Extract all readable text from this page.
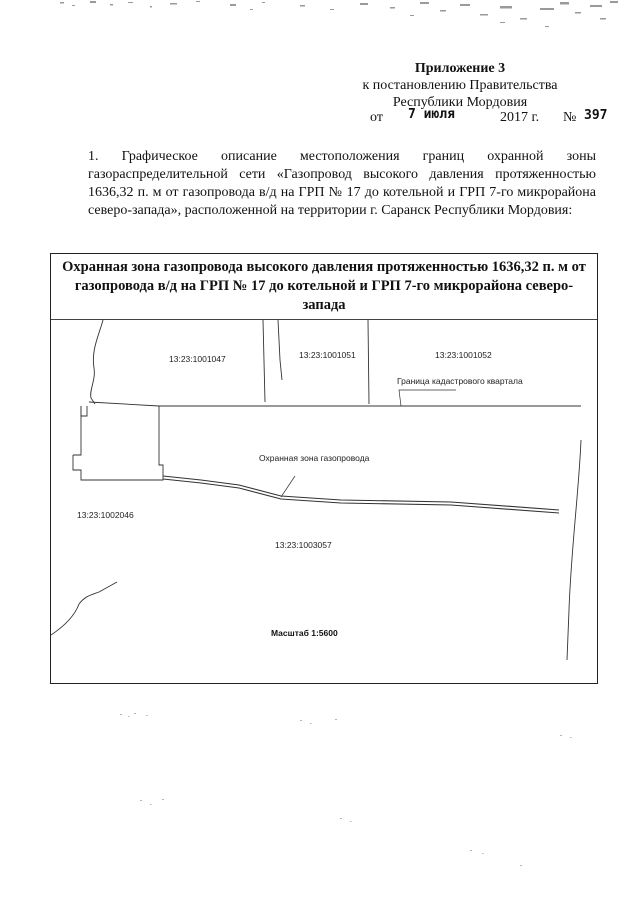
Приложение 3
к постановлению Правительства
Республики Мордовия
от 7 июля	2017 г. № 397
1. Графическое описание местоположения границ охранной зоны газораспределительной сети «Газопровод высокого давления протяженностью 1636,32 п. м от газопровода в/д на ГРП № 17 до котельной и ГРП 7-го микрорайона северо-запада», расположенной на территории г. Саранск Республики Мордовия:
Охранная зона газопровода высокого давления протяженностью 1636,32 п. м от газопровода в/д на ГРП № 17 до котельной и ГРП 7-го микрорайона северо-запада
13:23:1001047	13:23:1001051	13:23:1001052
Граница кадастрового квартала
Охранная зона газопровода
13:23:1002046
13:23:1003057
Масштаб 1:5600
